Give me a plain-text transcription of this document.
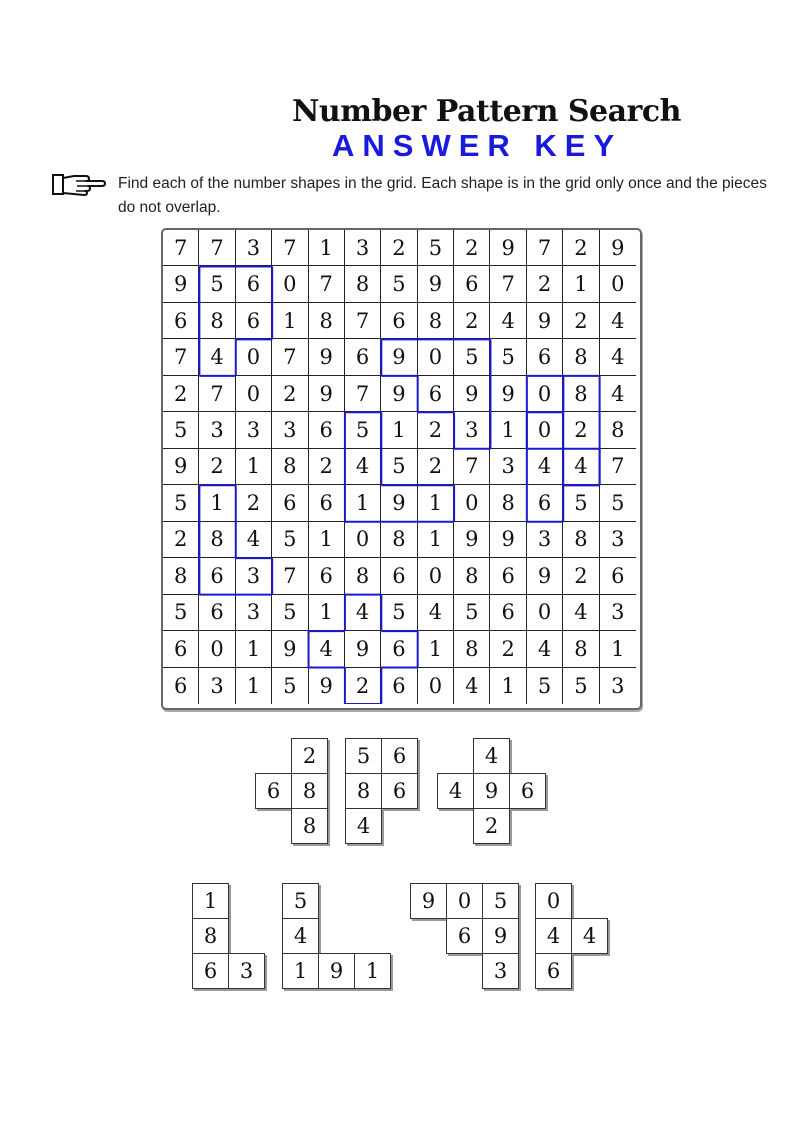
Number Pattern Search
ANSWER KEY
Find each of the number shapes in the grid. Each shape is in the grid only once and the pieces do not overlap.
7	7	3	7	1	3	2	5	2	9	7	2	9
9	5	6	0	7	8	5	9	6	7	2	1	0
6	8	6	1	8	7	6	8	2	4	9	2	4
7	4	0	7	9	6	9	0	5	5	6	8	4
2	7	0	2	9	7	9	6	9	9	0	8	4
5	3	3	3	6	5	1	2	3	1	0	2	8
9	2	1	8	2	4	5	2	7	3	4	4	7
5	1	2	6	6	1	9	1	0	8	6	5	5
2	8	4	5	1	0	8	1	9	9	3	8	3
8	6	3	7	6	8	6	0	8	6	9	2	6
5	6	3	5	1	4	5	4	5	6	0	4	3
6	0	1	9	4	9	6	1	8	2	4	8	1
6	3	1	5	9	2	6	0	4	1	5	5	3
2
6	8
8
5	6
8	6
4
4
4	9	6
2
1
8
6	3
5
4
1	9	1
9	0	5
6	9
3
0
4	4
6
